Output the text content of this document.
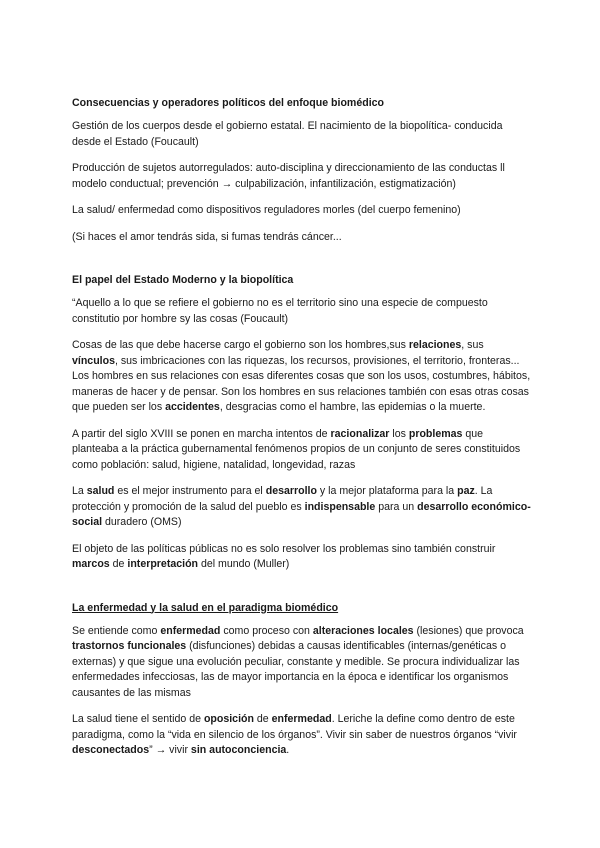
Consecuencias y operadores políticos del enfoque biomédico

Gestión de los cuerpos desde el gobierno estatal. El nacimiento de la biopolítica- conducida desde el Estado (Foucault)

Producción de sujetos autorregulados: auto-disciplina y direccionamiento de las conductas ll modelo conductual; prevención → culpabilización, infantilización, estigmatización)

La salud/ enfermedad como dispositivos reguladores morles (del cuerpo femenino)

(Si haces el amor tendrás sida, si fumas tendrás cáncer...

El papel del Estado Moderno y la biopolítica

“Aquello a lo que se refiere el gobierno no es el territorio sino una especie de compuesto constitutio por hombre sy las cosas (Foucault)

Cosas de las que debe hacerse cargo el gobierno son los hombres,sus relaciones, sus vínculos, sus imbricaciones con las riquezas, los recursos, provisiones, el territorio, fronteras... Los hombres en sus relaciones con esas diferentes cosas que son los usos, costumbres, hábitos, maneras de hacer y de pensar. Son los hombres en sus relaciones también con esas otras cosas que pueden ser los accidentes, desgracias como el hambre, las epidemias o la muerte.

A partir del siglo XVIII se ponen en marcha intentos de racionalizar los problemas que planteaba a la práctica gubernamental fenómenos propios de un conjunto de seres constituidos como población: salud, higiene, natalidad, longevidad, razas

La salud es el mejor instrumento para el desarrollo y la mejor plataforma para la paz. La protección y promoción de la salud del pueblo es indispensable para un desarrollo económico-social duradero (OMS)

El objeto de las políticas públicas no es solo resolver los problemas sino también construir marcos de interpretación del mundo (Muller)

La enfermedad y la salud en el paradigma biomédico

Se entiende como enfermedad como proceso con alteraciones locales (lesiones) que provoca trastornos funcionales (disfunciones) debidas a causas identificables (internas/genéticas o externas) y que sigue una evolución peculiar, constante y medible. Se procura individualizar las enfermedades infecciosas, las de mayor importancia en la época e identificar los organismos causantes de las mismas

La salud tiene el sentido de oposición de enfermedad. Leriche la define como dentro de este paradigma, como la “vida en silencio de los órganos”. Vivir sin saber de nuestros órganos “vivir desconectados” → vivir sin autoconciencia.
